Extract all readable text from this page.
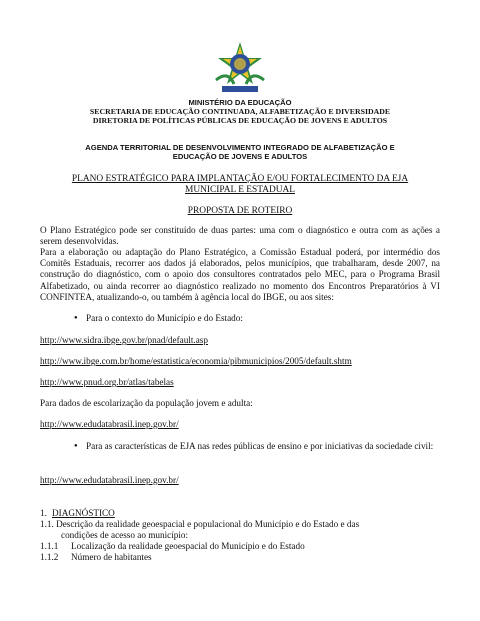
MINISTÉRIO DA EDUCAÇÃO
SECRETARIA DE EDUCAÇÃO CONTINUADA, ALFABETIZAÇÃO E DIVERSIDADE
DIRETORIA DE POLÍTICAS PÚBLICAS DE EDUCAÇÃO DE JOVENS E ADULTOS
AGENDA TERRITORIAL DE DESENVOLVIMENTO INTEGRADO DE ALFABETIZAÇÃO E
EDUCAÇÃO DE JOVENS E ADULTOS
PLANO ESTRATÉGICO PARA IMPLANTAÇÃO E/OU FORTALECIMENTO DA EJA
MUNICIPAL E ESTADUAL
PROPOSTA DE ROTEIRO
O Plano Estratégico pode ser constituído de duas partes: uma com o diagnóstico e outra com as ações a serem desenvolvidas.
Para a elaboração ou adaptação do Plano Estratégico, a Comissão Estadual poderá, por intermédio dos Comitês Estaduais, recorrer aos dados já elaborados, pelos municípios, que trabalharam, desde 2007, na construção do diagnóstico, com o apoio dos consultores contratados pelo MEC, para o Programa Brasil Alfabetizado, ou ainda recorrer ao diagnóstico realizado no momento dos Encontros Preparatórios à VI CONFINTEA, atualizando-o, ou também à agência local do IBGE, ou aos sites:
● Para o contexto do Município e do Estado:
http://www.sidra.ibge.gov.br/pnad/default.asp
http://www.ibge.com.br/home/estatistica/economia/pibmunicipios/2005/default.shtm
http://www.pnud.org.br/atlas/tabelas
Para dados de escolarização da população jovem e adulta:
http://www.edudatabrasil.inep.gov.br/
● Para as características de EJA nas redes públicas de ensino e por iniciativas da sociedade civil:
http://www.edudatabrasil.inep.gov.br/
1. DIAGNÓSTICO
1.1. Descrição da realidade geoespacial e populacional do Município e do Estado e das
condições de acesso ao município:
1.1.1 Localização da realidade geoespacial do Município e do Estado
1.1.2 Número de habitantes
